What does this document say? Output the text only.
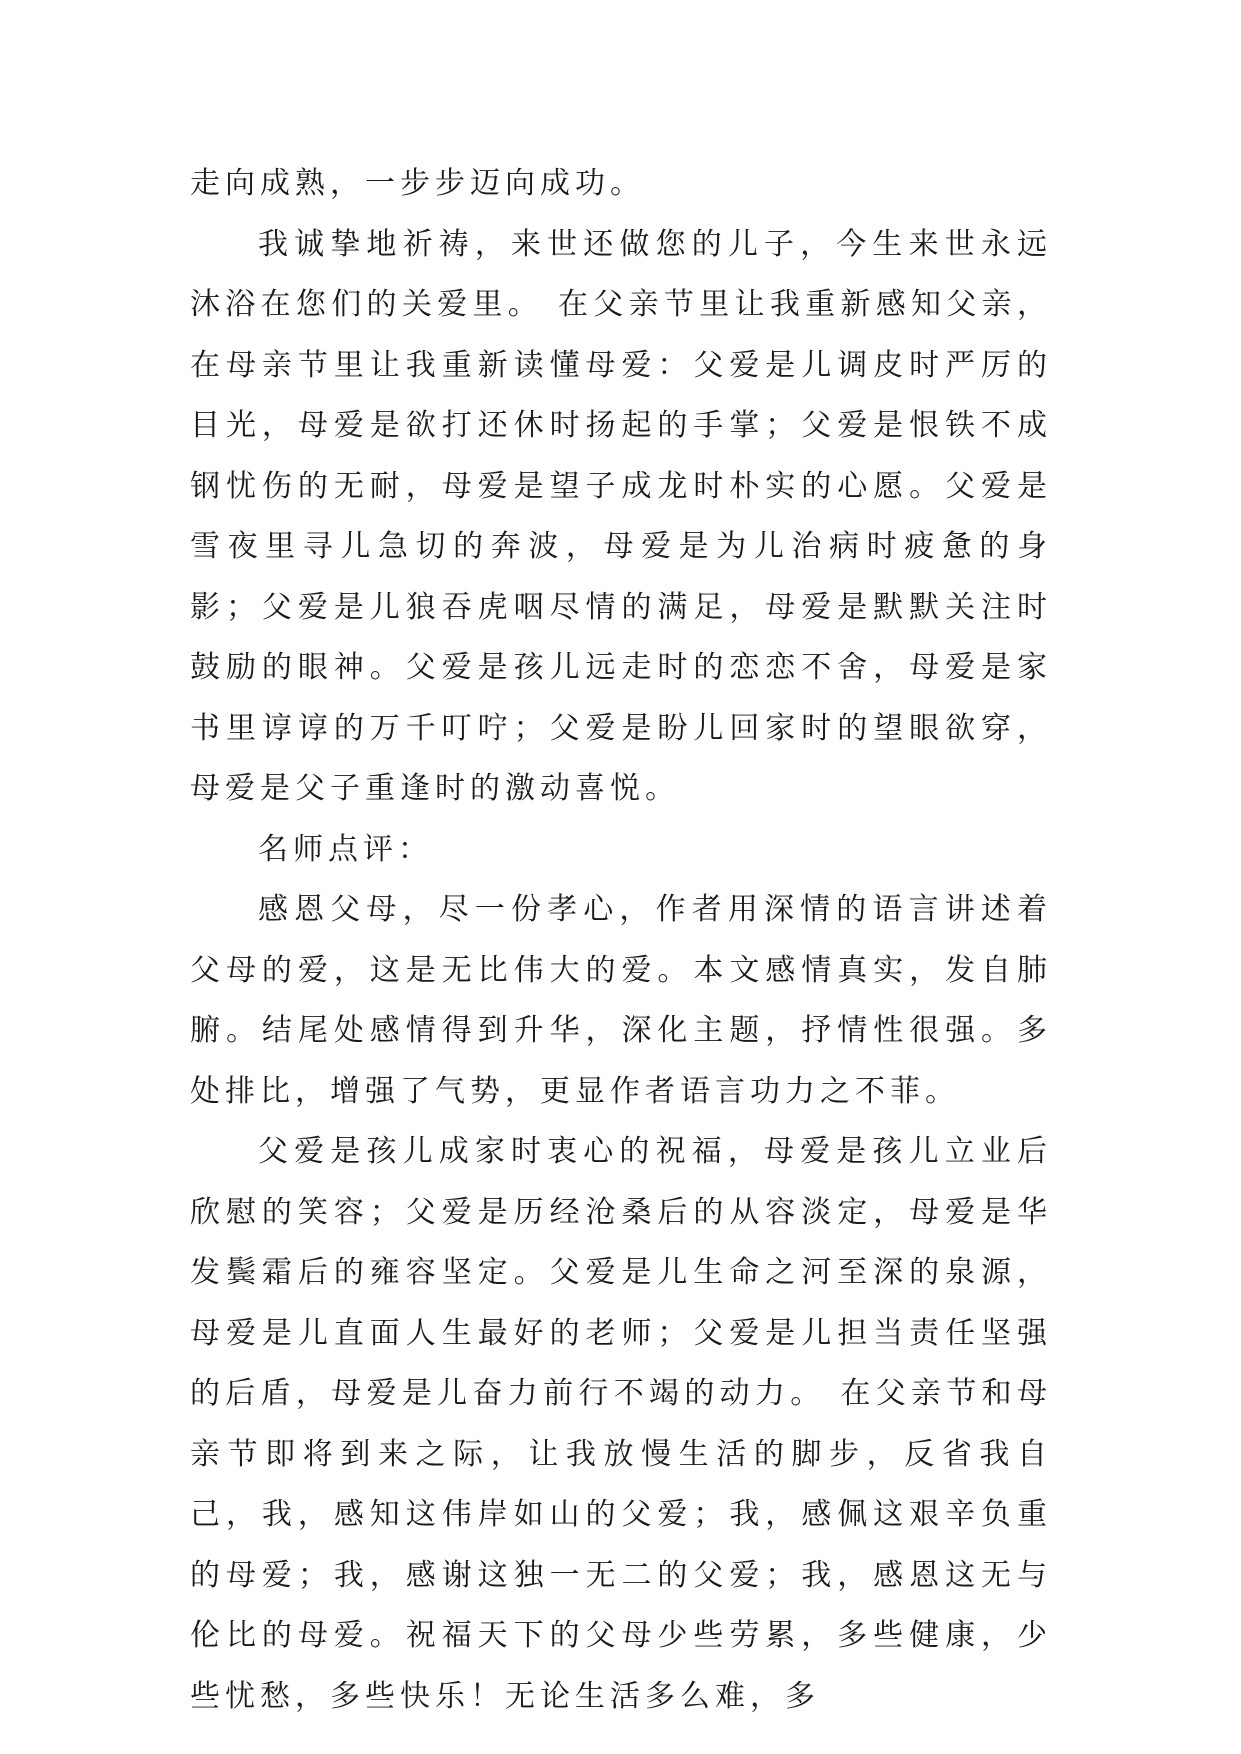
走向成熟，一步步迈向成功。

我诚挚地祈祷，来世还做您的儿子，今生来世永远沐浴在您们的关爱里。 在父亲节里让我重新感知父亲，在母亲节里让我重新读懂母爱：父爱是儿调皮时严厉的目光，母爱是欲打还休时扬起的手掌；父爱是恨铁不成钢忧伤的无耐，母爱是望子成龙时朴实的心愿。父爱是雪夜里寻儿急切的奔波，母爱是为儿治病时疲惫的身影；父爱是儿狼吞虎咽尽情的满足，母爱是默默关注时鼓励的眼神。父爱是孩儿远走时的恋恋不舍，母爱是家书里谆谆的万千叮咛；父爱是盼儿回家时的望眼欲穿，母爱是父子重逢时的激动喜悦。

名师点评：

感恩父母，尽一份孝心，作者用深情的语言讲述着父母的爱，这是无比伟大的爱。本文感情真实，发自肺腑。结尾处感情得到升华，深化主题，抒情性很强。多处排比，增强了气势，更显作者语言功力之不菲。

父爱是孩儿成家时衷心的祝福，母爱是孩儿立业后欣慰的笑容；父爱是历经沧桑后的从容淡定，母爱是华发鬓霜后的雍容坚定。父爱是儿生命之河至深的泉源，母爱是儿直面人生最好的老师；父爱是儿担当责任坚强的后盾，母爱是儿奋力前行不竭的动力。 在父亲节和母亲节即将到来之际，让我放慢生活的脚步，反省我自己，我，感知这伟岸如山的父爱；我，感佩这艰辛负重的母爱；我，感谢这独一无二的父爱；我，感恩这无与伦比的母爱。祝福天下的父母少些劳累，多些健康，少些忧愁，多些快乐！无论生活多么难，多
